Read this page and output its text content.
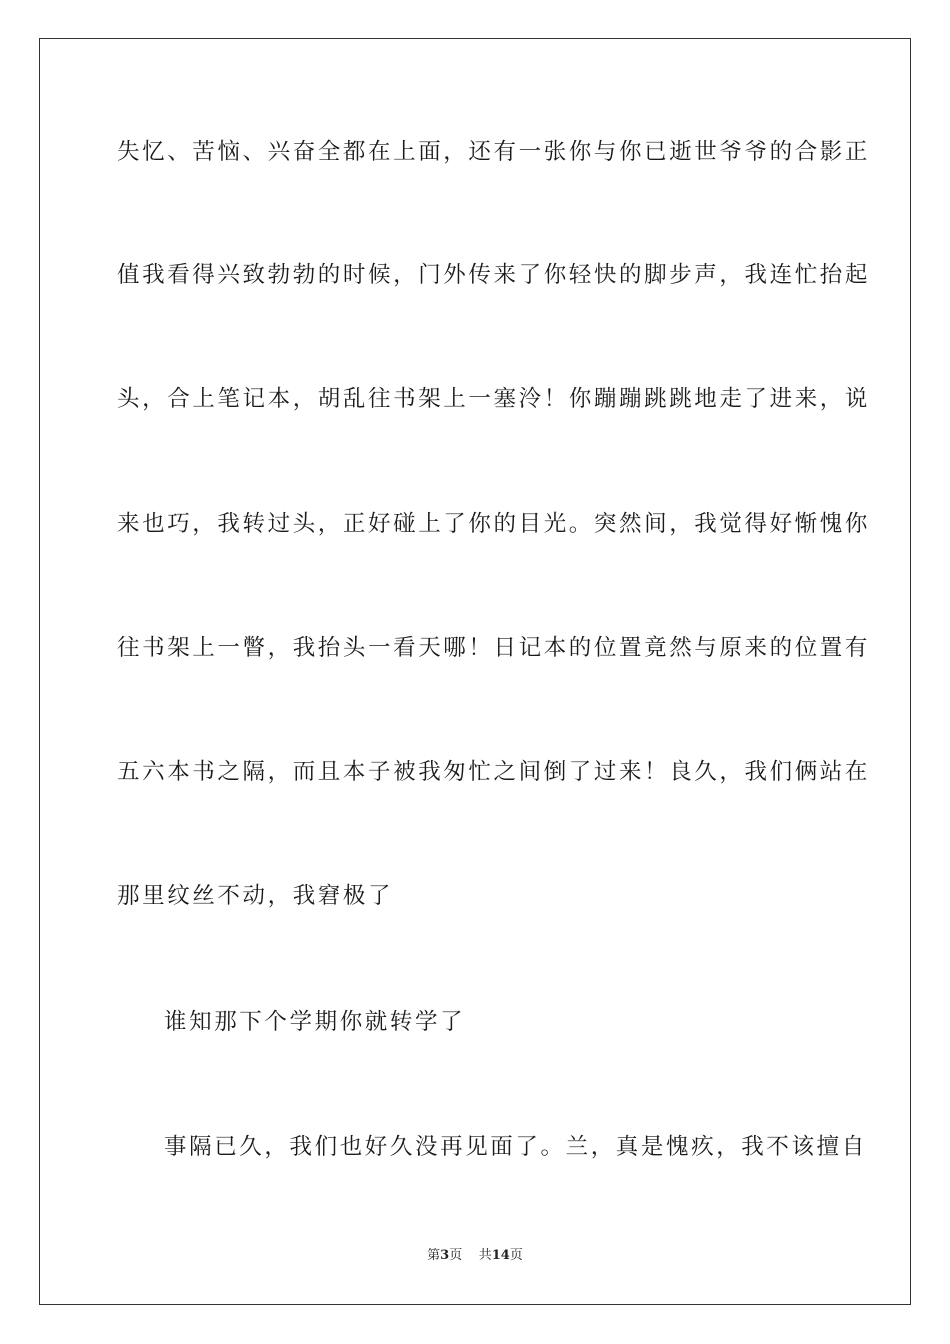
失忆、苦恼、兴奋全都在上面，还有一张你与你已逝世爷爷的合影正
值我看得兴致勃勃的时候，门外传来了你轻快的脚步声，我连忙抬起
头，合上笔记本，胡乱往书架上一塞泠！你蹦蹦跳跳地走了进来，说
来也巧，我转过头，正好碰上了你的目光。突然间，我觉得好惭愧你
往书架上一瞥，我抬头一看天哪！日记本的位置竟然与原来的位置有
五六本书之隔，而且本子被我匆忙之间倒了过来！良久，我们俩站在
那里纹丝不动，我窘极了
谁知那下个学期你就转学了
事隔已久，我们也好久没再见面了。兰，真是愧疚，我不该擅自
第3页 共14页
